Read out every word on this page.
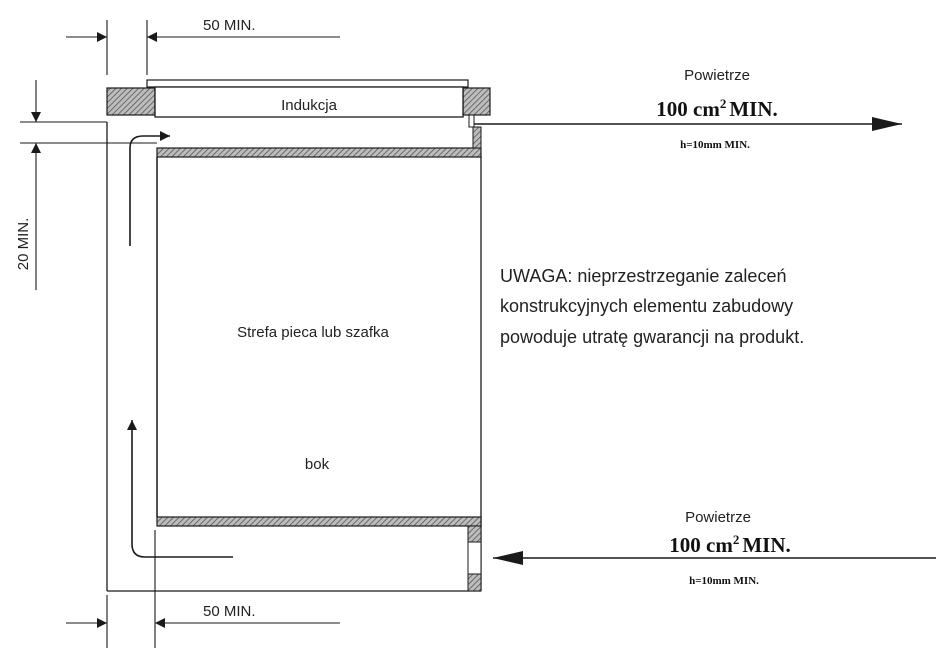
Indukcja
Strefa pieca lub szafka
bok
50 MIN.
50 MIN.
20 MIN.
Powietrze
100 $cm^2$ MIN.
h=10mm MIN.
Powietrze
100 $cm^2$ MIN.
h=10mm MIN.
UWAGA: nieprzestrzeganie zaleceń
konstrukcyjnych elementu zabudowy
powoduje utratę gwarancji na produkt.
